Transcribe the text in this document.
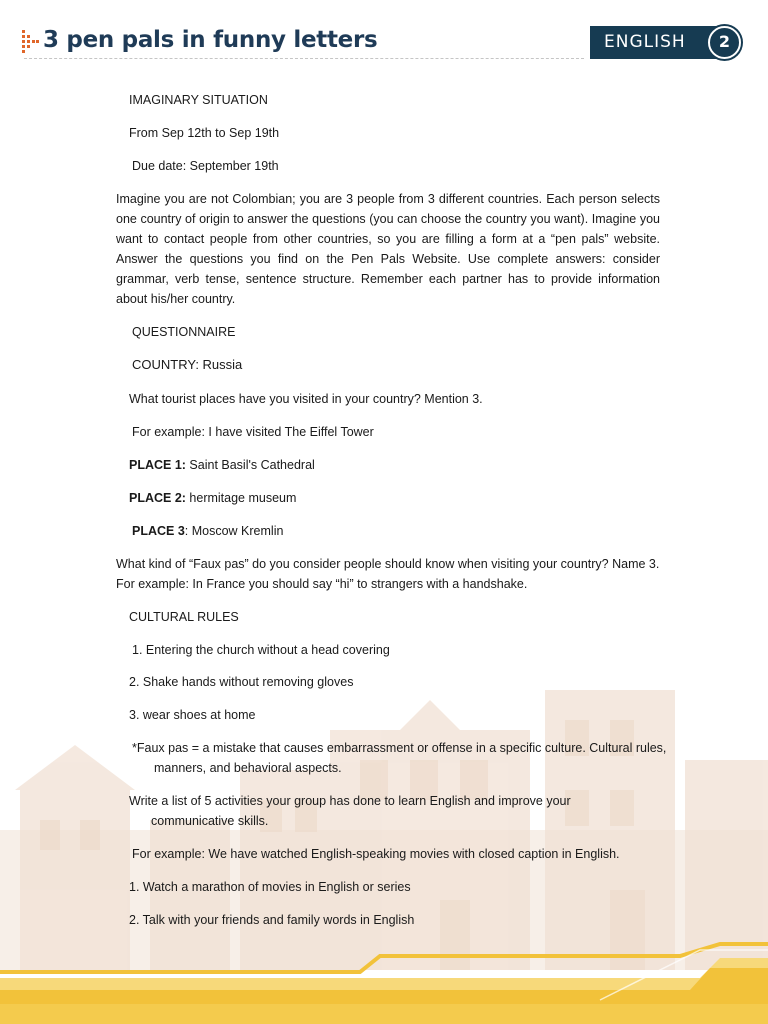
3 pen pals in funny letters	ENGLISH	2
IMAGINARY SITUATION
From Sep 12th to Sep 19th
Due date: September 19th
Imagine you are not Colombian; you are 3 people from 3 different countries. Each person selects one country of origin to answer the questions (you can choose the country you want). Imagine you want to contact people from other countries, so you are filling a form at a “pen pals” website. Answer the questions you find on the Pen Pals Website. Use complete answers: consider grammar, verb tense, sentence structure. Remember each partner has to provide information about his/her country.
QUESTIONNAIRE
COUNTRY: Russia
What tourist places have you visited in your country? Mention 3.
For example: I have visited The Eiffel Tower
PLACE 1: Saint Basil's Cathedral
PLACE 2: hermitage museum
PLACE 3: Moscow Kremlin
What kind of “Faux pas” do you consider people should know when visiting your country? Name 3. For example: In France you should say “hi” to strangers with a handshake.
CULTURAL RULES
1. Entering the church without a head covering
2. Shake hands without removing gloves
3. wear shoes at home
*Faux pas = a mistake that causes embarrassment or offense in a specific culture. Cultural rules, manners, and behavioral aspects.
Write a list of 5 activities your group has done to learn English and improve your communicative skills.
For example: We have watched English-speaking movies with closed caption in English.
1. Watch a marathon of movies in English or series
2. Talk with your friends and family words in English
